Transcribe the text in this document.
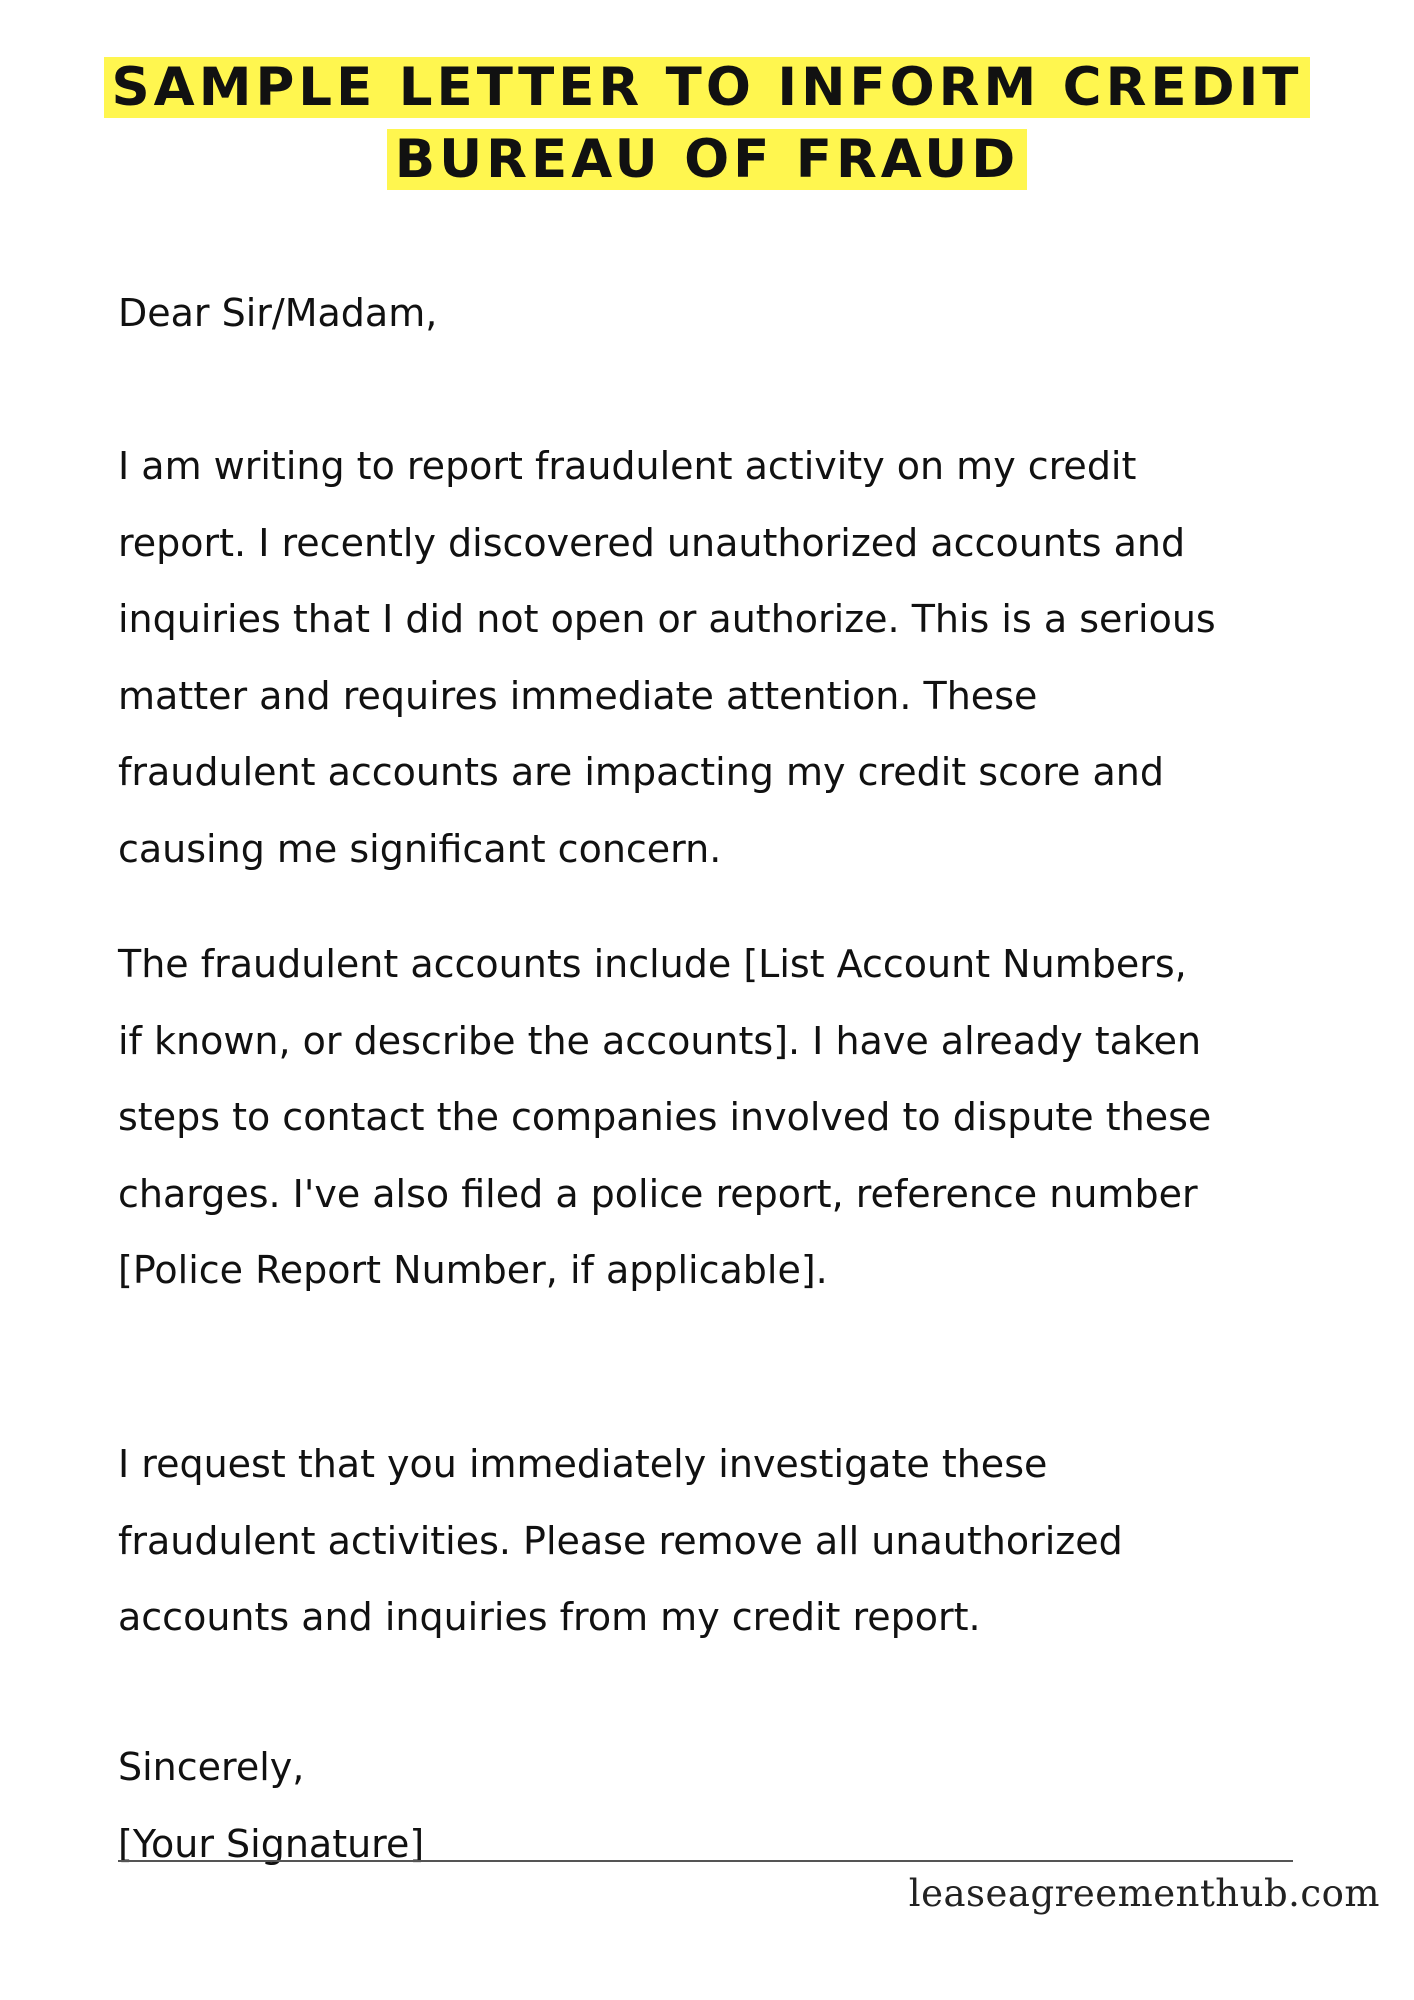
SAMPLE LETTER TO INFORM CREDIT
BUREAU OF FRAUD

Dear Sir/Madam,

I am writing to report fraudulent activity on my credit
report. I recently discovered unauthorized accounts and
inquiries that I did not open or authorize. This is a serious
matter and requires immediate attention. These
fraudulent accounts are impacting my credit score and
causing me significant concern.

The fraudulent accounts include [List Account Numbers,
if known, or describe the accounts]. I have already taken
steps to contact the companies involved to dispute these
charges. I've also filed a police report, reference number
[Police Report Number, if applicable].

I request that you immediately investigate these
fraudulent activities. Please remove all unauthorized
accounts and inquiries from my credit report.

Sincerely,

[Your Signature]

leaseagreementhub.com
